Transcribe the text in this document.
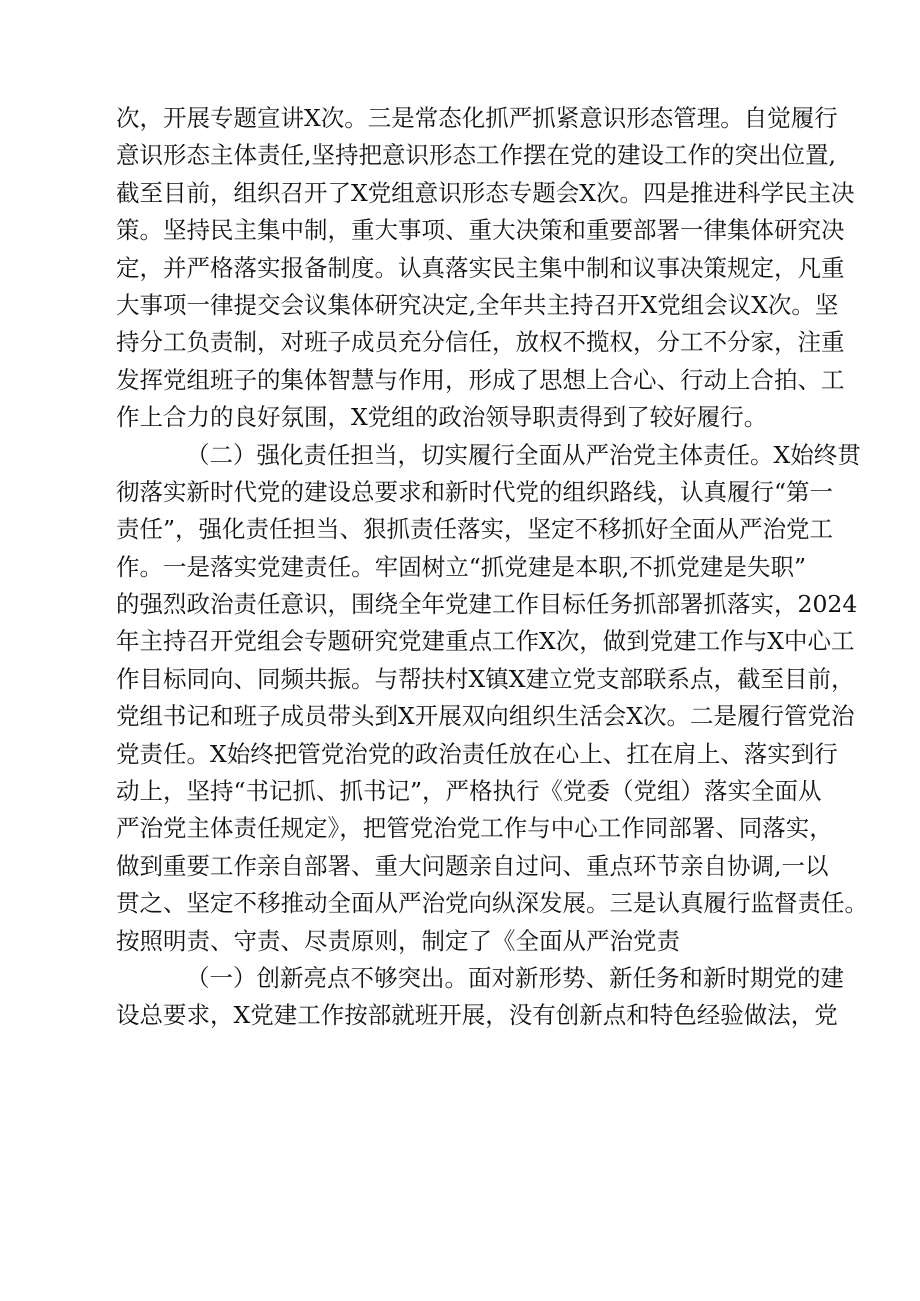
次，开展专题宣讲X次。三是常态化抓严抓紧意识形态管理。自觉履行
意识形态主体责任,坚持把意识形态工作摆在党的建设工作的突出位置,
截至目前，组织召开了X党组意识形态专题会X次。四是推进科学民主决
策。坚持民主集中制，重大事项、重大决策和重要部署一律集体研究决
定，并严格落实报备制度。认真落实民主集中制和议事决策规定，凡重
大事项一律提交会议集体研究决定,全年共主持召开X党组会议X次。坚
持分工负责制，对班子成员充分信任，放权不揽权，分工不分家，注重
发挥党组班子的集体智慧与作用，形成了思想上合心、行动上合拍、工
作上合力的良好氛围，X党组的政治领导职责得到了较好履行。
（二）强化责任担当，切实履行全面从严治党主体责任。X始终贯
彻落实新时代党的建设总要求和新时代党的组织路线，认真履行“第一
责任”，强化责任担当、狠抓责任落实，坚定不移抓好全面从严治党工
作。一是落实党建责任。牢固树立“抓党建是本职,不抓党建是失职”
的强烈政治责任意识，围绕全年党建工作目标任务抓部署抓落实，2024
年主持召开党组会专题研究党建重点工作X次，做到党建工作与X中心工
作目标同向、同频共振。与帮扶村X镇X建立党支部联系点，截至目前，
党组书记和班子成员带头到X开展双向组织生活会X次。二是履行管党治
党责任。X始终把管党治党的政治责任放在心上、扛在肩上、落实到行
动上，坚持“书记抓、抓书记”，严格执行《党委（党组）落实全面从
严治党主体责任规定》，把管党治党工作与中心工作同部署、同落实，
做到重要工作亲自部署、重大问题亲自过问、重点环节亲自协调,一以
贯之、坚定不移推动全面从严治党向纵深发展。三是认真履行监督责任。
按照明责、守责、尽责原则，制定了《全面从严治党责
（一）创新亮点不够突出。面对新形势、新任务和新时期党的建
设总要求，X党建工作按部就班开展，没有创新点和特色经验做法，党
